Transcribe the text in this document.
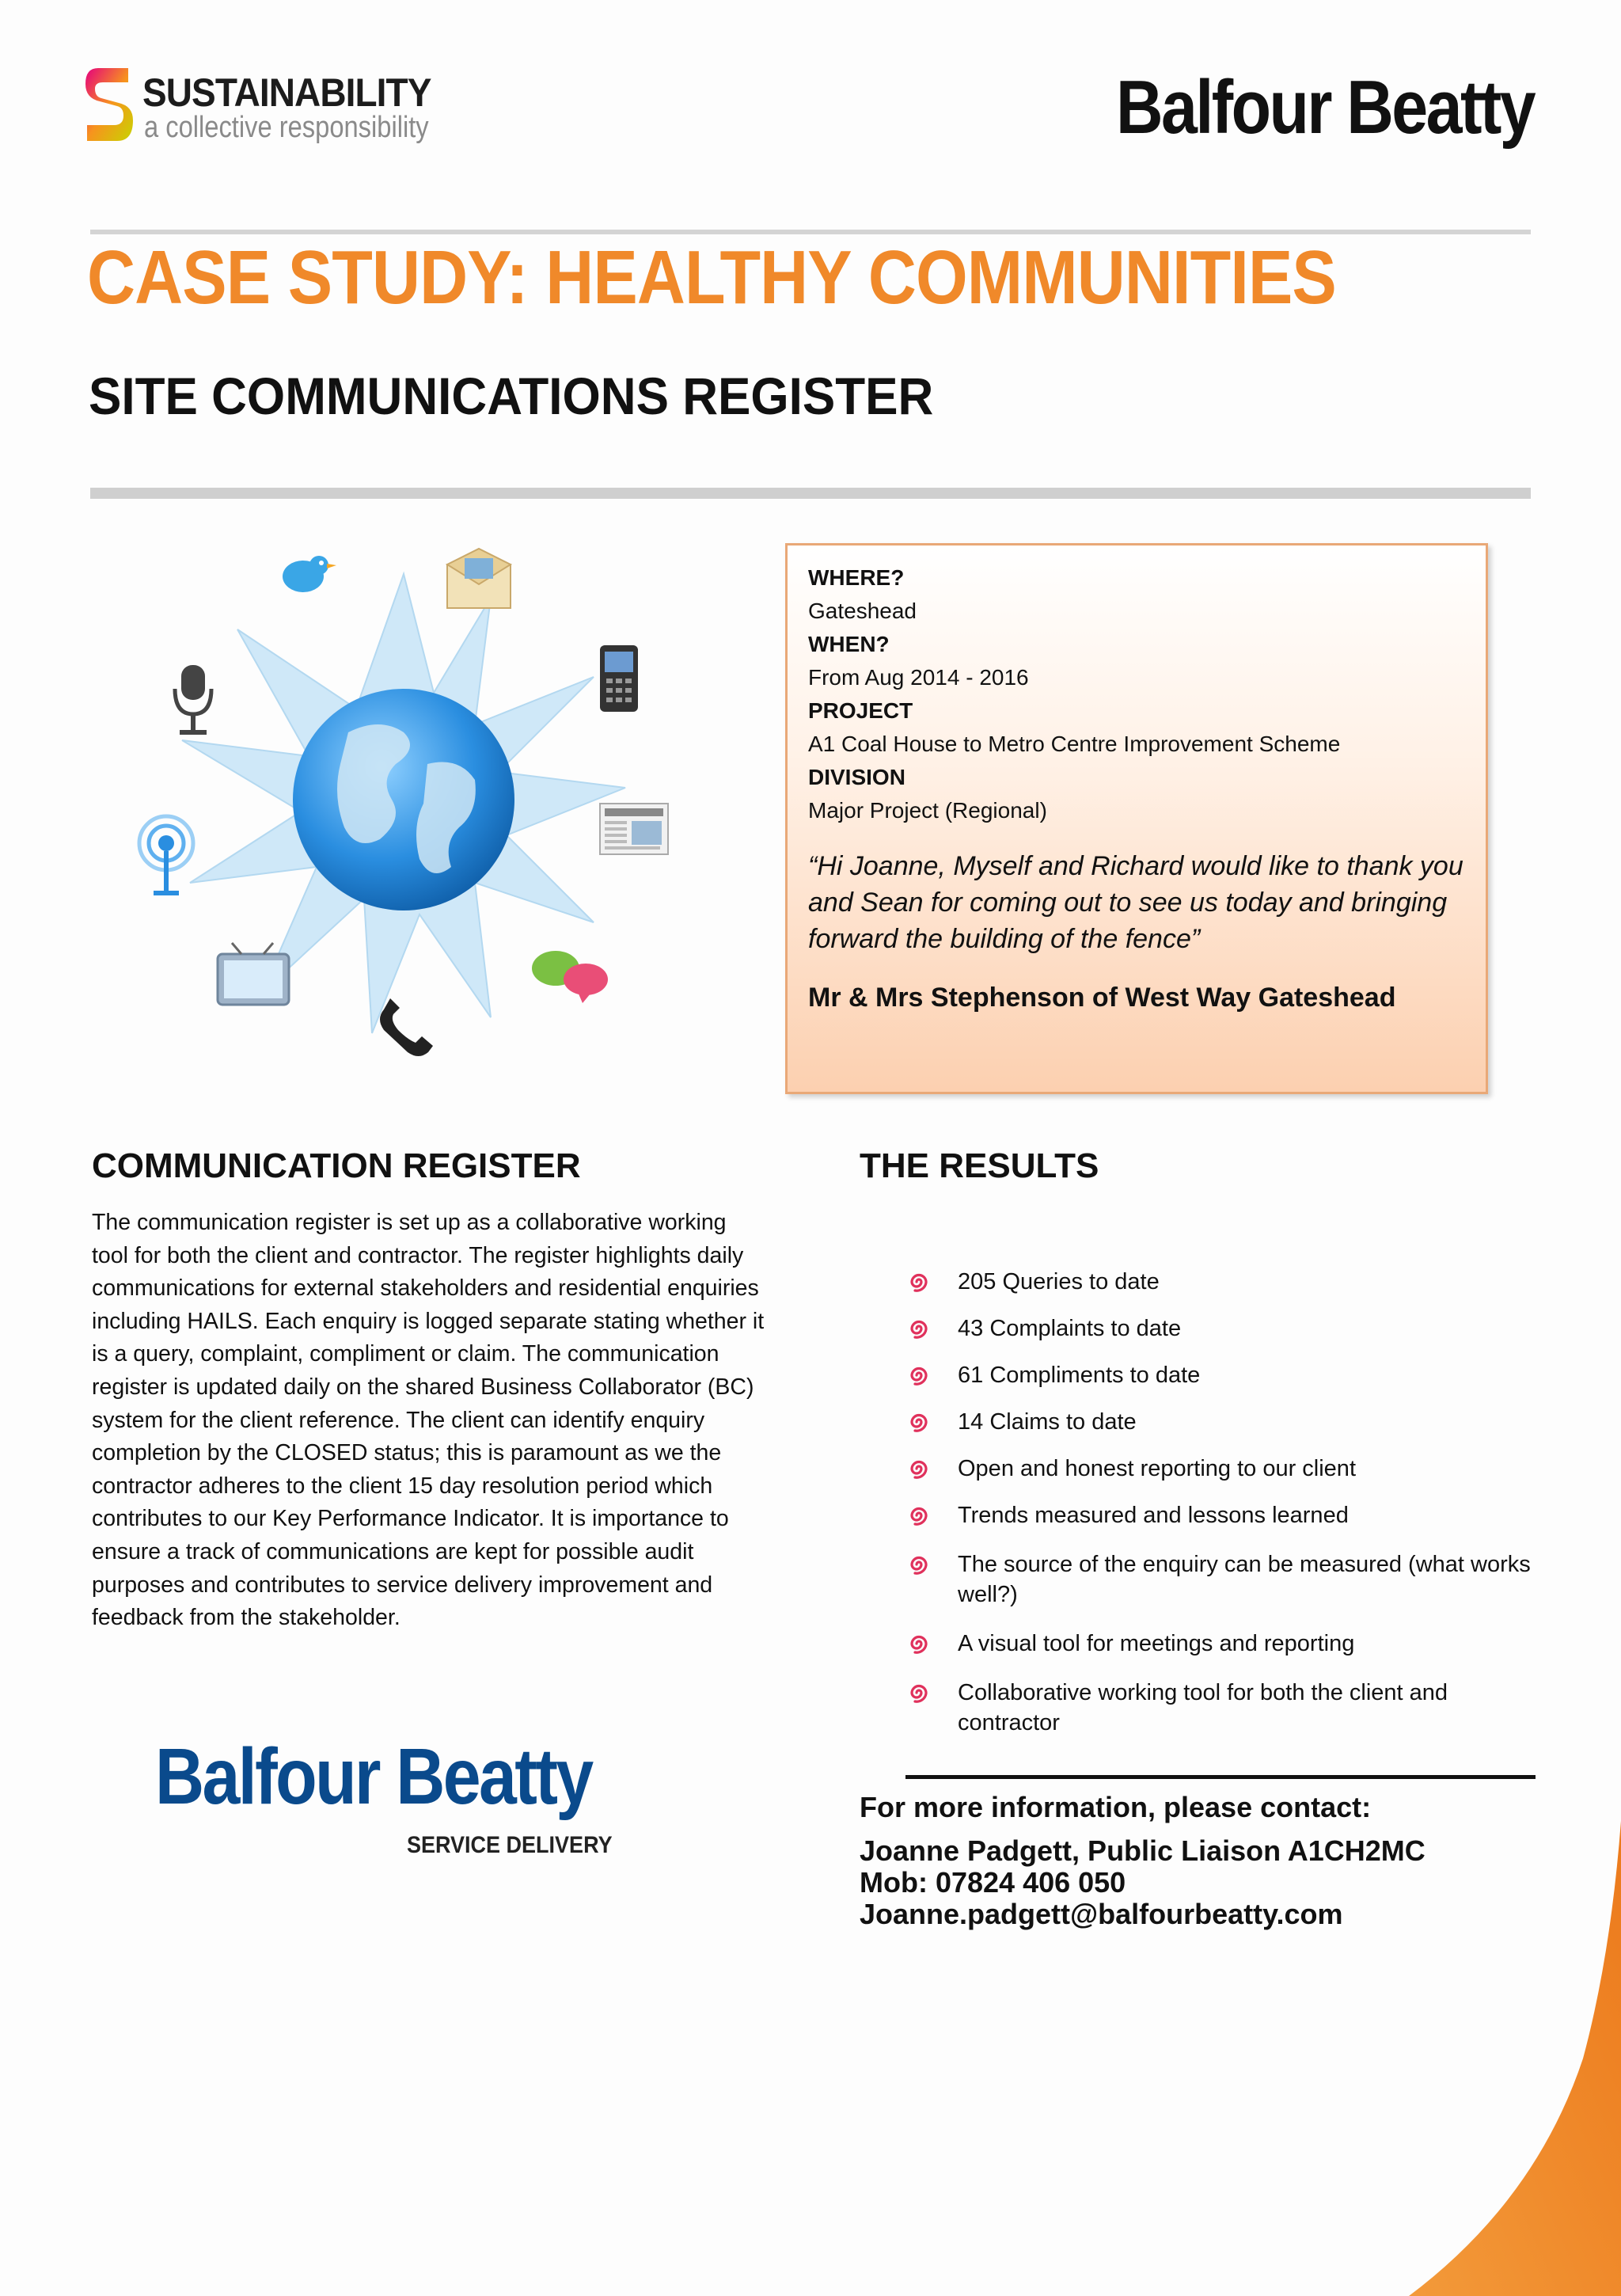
SUSTAINABILITY
a collective responsibility	Balfour Beatty
CASE STUDY: HEALTHY COMMUNITIES
SITE COMMUNICATIONS REGISTER
WHERE?
Gateshead
WHEN?
From Aug 2014 - 2016
PROJECT
A1 Coal House to Metro Centre Improvement Scheme
DIVISION
Major Project (Regional)
“Hi Joanne, Myself and Richard would like to thank you and Sean for coming out to see us today and bringing forward the building of the fence”
Mr & Mrs Stephenson of West Way Gateshead
COMMUNICATION REGISTER
The communication register is set up as a collaborative working tool for both the client and contractor. The register highlights daily communications for external stakeholders and residential enquiries including HAILS. Each enquiry is logged separate stating whether it is a query, complaint, compliment or claim. The communication register is updated daily on the shared Business Collaborator (BC) system for the client reference. The client can identify enquiry completion by the CLOSED status; this is paramount as we the contractor adheres to the client 15 day resolution period which contributes to our Key Performance Indicator. It is importance to ensure a track of communications are kept for possible audit purposes and contributes to service delivery improvement and feedback from the stakeholder.
THE RESULTS
205 Queries to date
43 Complaints to date
61 Compliments to date
14 Claims to date
Open and honest reporting to our client
Trends measured and lessons learned
The source of the enquiry can be measured (what works well?)
A visual tool for meetings and reporting
Collaborative working tool for both the client and contractor
For more information, please contact:
Joanne Padgett, Public Liaison A1CH2MC
Mob: 07824 406 050
Joanne.padgett@balfourbeatty.com
Balfour Beatty
SERVICE DELIVERY
